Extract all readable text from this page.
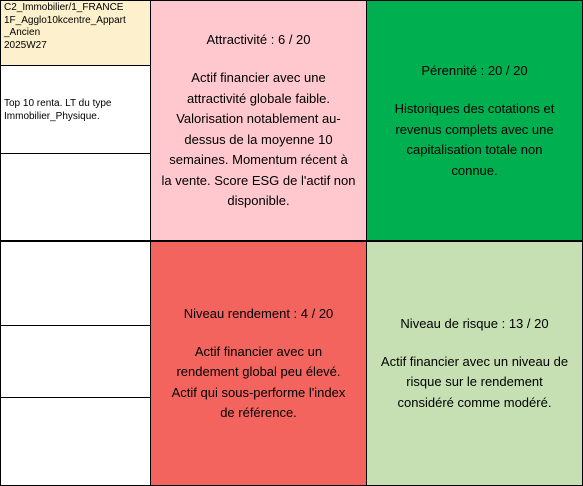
C2_Immobilier/1_FRANCE
1F_Agglo10kcentre_Appart
_Ancien
2025W27
Top 10 renta. LT du type
Immobilier_Physique.
Attractivité : 6 / 20
Actif financier avec une
attractivité globale faible.
Valorisation notablement au-
dessus de la moyenne 10
semaines. Momentum récent à
la vente. Score ESG de l'actif non
disponible.
Pérennité : 20 / 20
Historiques des cotations et
revenus complets avec une
capitalisation totale non
connue.
Niveau rendement : 4 / 20
Actif financier avec un
rendement global peu élevé.
Actif qui sous-performe l'index
de référence.
Niveau de risque : 13 / 20
Actif financier avec un niveau de
risque sur le rendement
considéré comme modéré.
